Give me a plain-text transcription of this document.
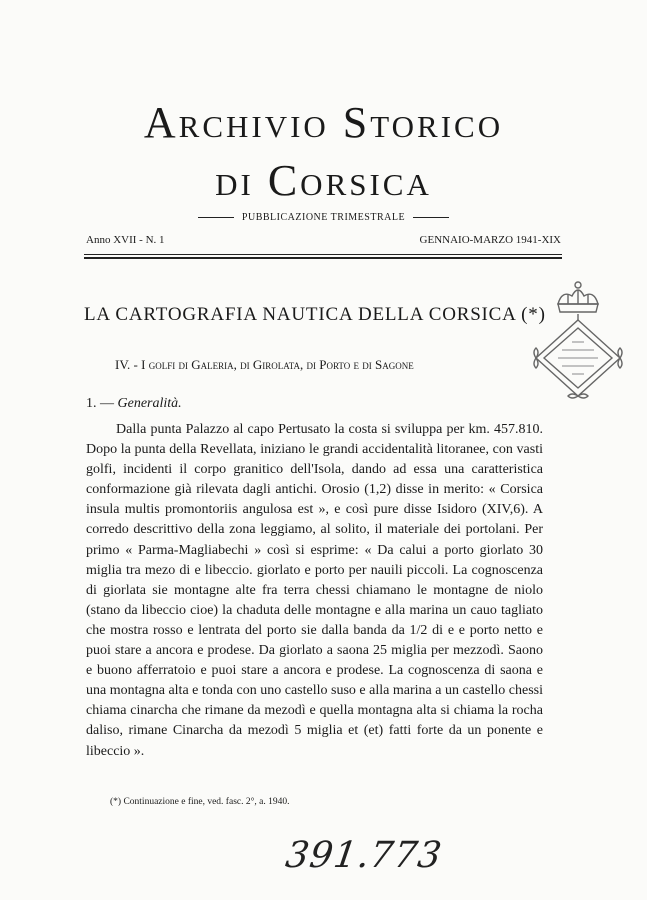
Archivio Storico
di Corsica
PUBBLICAZIONE TRIMESTRALE
Anno XVII - N. 1	GENNAIO-MARZO 1941-XIX
LA CARTOGRAFIA NAUTICA DELLA CORSICA (*)
IV. - I golfi di Galeria, di Girolata, di Porto e di Sagone
1. — Generalità.

Dalla punta Palazzo al capo Pertusato la costa si sviluppa per km. 457.810. Dopo la punta della Revellata, iniziano le grandi accidentalità litoranee, con vasti golfi, incidenti il corpo granitico dell'Isola, dando ad essa una caratteristica conformazione già rilevata dagli antichi. Orosio (1,2) disse in merito: « Corsica insula multis promontoriis angulosa est », e così pure disse Isidoro (XIV,6). A corredo descrittivo della zona leggiamo, al solito, il materiale dei portolani. Per primo « Parma-Magliabechi » così si esprime: « Da calui a porto giorlato 30 miglia tra mezo di e libeccio. giorlato e porto per nauili piccoli. La cognoscenza di giorlata sie montagne alte fra terra chessi chiamano le montagne de niolo (stano da libeccio cioe) la chaduta delle montagne e alla marina un cauo tagliato che mostra rosso e lentrata del porto sie dalla banda da 1/2 di e e porto netto e puoi stare a ancora e prodese. Da giorlato a saona 25 miglia per mezzodì. Saono e buono afferratoio e puoi stare a ancora e prodese. La cognoscenza di saona e una montagna alta e tonda con uno castello suso e alla marina a un castello chessi chiama cinarcha che rimane da mezodì e quella montagna alta si chiama la rocha daliso, rimane Cinarcha da mezodì 5 miglia et (et) fatti forte da un ponente e libeccio ».

(*) Continuazione e fine, ved. fasc. 2°, a. 1940.
391.773
